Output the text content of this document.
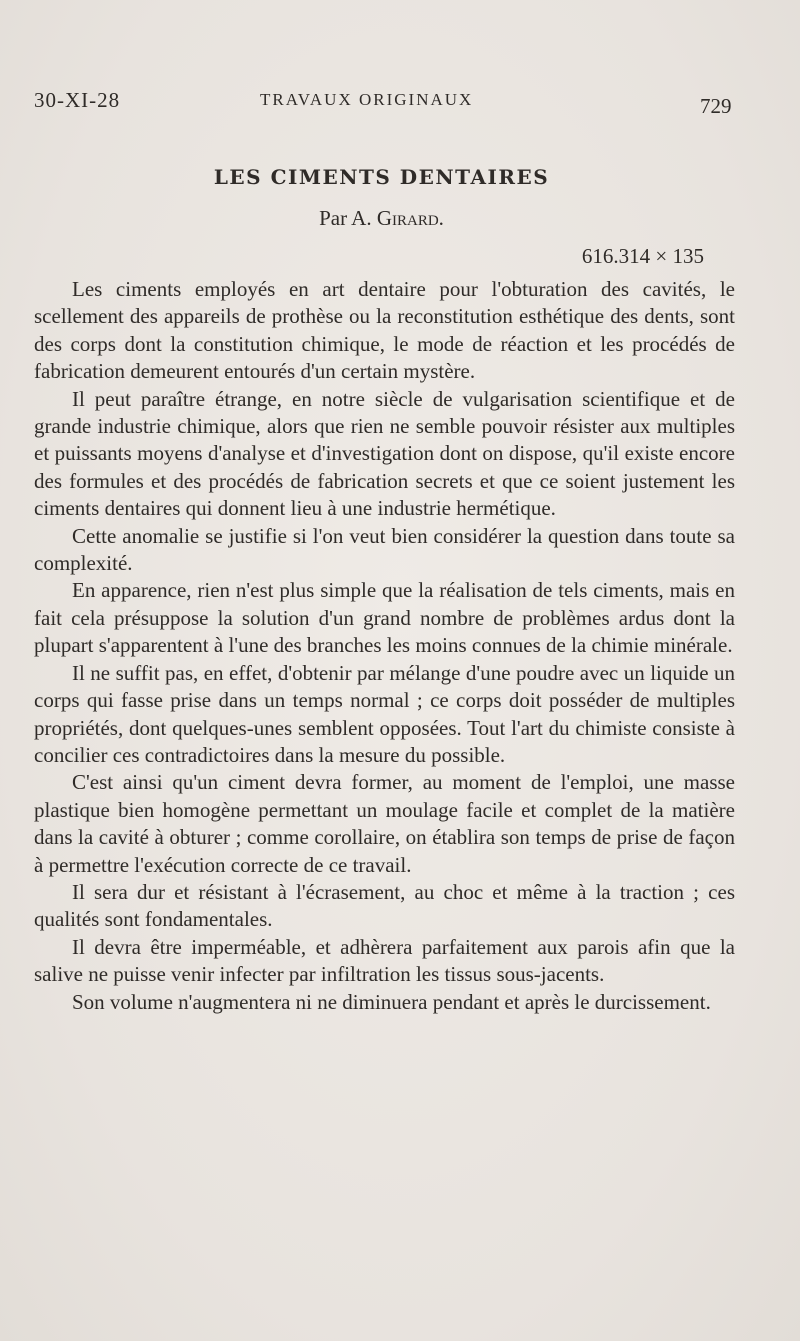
30-XI-28	TRAVAUX ORIGINAUX	729
LES CIMENTS DENTAIRES
Par A. Girard.
616.314 × 135

Les ciments employés en art dentaire pour l'obturation des cavités, le scellement des appareils de prothèse ou la reconstitution esthétique des dents, sont des corps dont la constitution chimique, le mode de réaction et les procédés de fabrication demeurent entourés d'un certain mystère.

Il peut paraître étrange, en notre siècle de vulgarisation scientifique et de grande industrie chimique, alors que rien ne semble pouvoir résister aux multiples et puissants moyens d'analyse et d'investigation dont on dispose, qu'il existe encore des formules et des procédés de fabrication secrets et que ce soient justement les ciments dentaires qui donnent lieu à une industrie hermétique.

Cette anomalie se justifie si l'on veut bien considérer la question dans toute sa complexité.

En apparence, rien n'est plus simple que la réalisation de tels ciments, mais en fait cela présuppose la solution d'un grand nombre de problèmes ardus dont la plupart s'apparentent à l'une des branches les moins connues de la chimie minérale.

Il ne suffit pas, en effet, d'obtenir par mélange d'une poudre avec un liquide un corps qui fasse prise dans un temps normal ; ce corps doit posséder de multiples propriétés, dont quelques-unes semblent opposées. Tout l'art du chimiste consiste à concilier ces contradictoires dans la mesure du possible.

C'est ainsi qu'un ciment devra former, au moment de l'emploi, une masse plastique bien homogène permettant un moulage facile et complet de la matière dans la cavité à obturer ; comme corollaire, on établira son temps de prise de façon à permettre l'exécution correcte de ce travail.

Il sera dur et résistant à l'écrasement, au choc et même à la traction ; ces qualités sont fondamentales.

Il devra être imperméable, et adhèrera parfaitement aux parois afin que la salive ne puisse venir infecter par infiltration les tissus sous-jacents.

Son volume n'augmentera ni ne diminuera pendant et après le durcissement.
